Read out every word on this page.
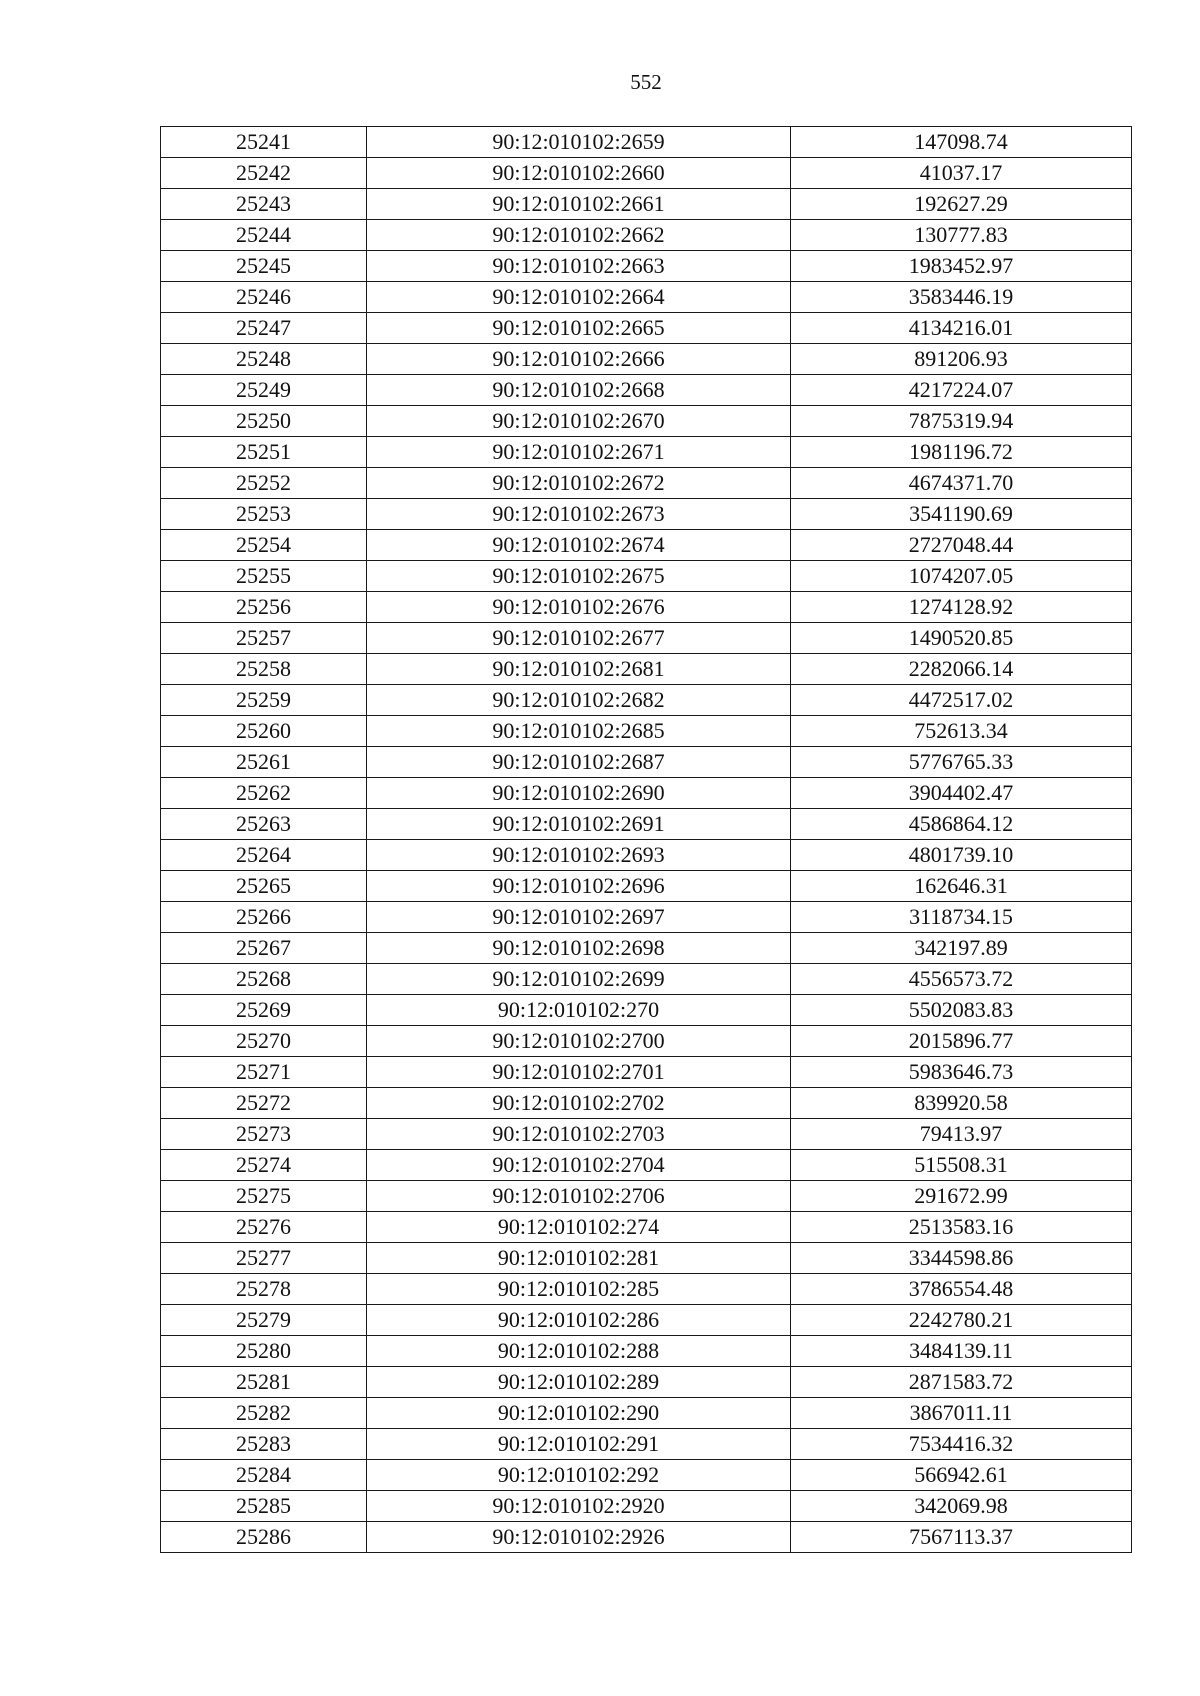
552
25241	90:12:010102:2659	147098.74
25242	90:12:010102:2660	41037.17
25243	90:12:010102:2661	192627.29
25244	90:12:010102:2662	130777.83
25245	90:12:010102:2663	1983452.97
25246	90:12:010102:2664	3583446.19
25247	90:12:010102:2665	4134216.01
25248	90:12:010102:2666	891206.93
25249	90:12:010102:2668	4217224.07
25250	90:12:010102:2670	7875319.94
25251	90:12:010102:2671	1981196.72
25252	90:12:010102:2672	4674371.70
25253	90:12:010102:2673	3541190.69
25254	90:12:010102:2674	2727048.44
25255	90:12:010102:2675	1074207.05
25256	90:12:010102:2676	1274128.92
25257	90:12:010102:2677	1490520.85
25258	90:12:010102:2681	2282066.14
25259	90:12:010102:2682	4472517.02
25260	90:12:010102:2685	752613.34
25261	90:12:010102:2687	5776765.33
25262	90:12:010102:2690	3904402.47
25263	90:12:010102:2691	4586864.12
25264	90:12:010102:2693	4801739.10
25265	90:12:010102:2696	162646.31
25266	90:12:010102:2697	3118734.15
25267	90:12:010102:2698	342197.89
25268	90:12:010102:2699	4556573.72
25269	90:12:010102:270	5502083.83
25270	90:12:010102:2700	2015896.77
25271	90:12:010102:2701	5983646.73
25272	90:12:010102:2702	839920.58
25273	90:12:010102:2703	79413.97
25274	90:12:010102:2704	515508.31
25275	90:12:010102:2706	291672.99
25276	90:12:010102:274	2513583.16
25277	90:12:010102:281	3344598.86
25278	90:12:010102:285	3786554.48
25279	90:12:010102:286	2242780.21
25280	90:12:010102:288	3484139.11
25281	90:12:010102:289	2871583.72
25282	90:12:010102:290	3867011.11
25283	90:12:010102:291	7534416.32
25284	90:12:010102:292	566942.61
25285	90:12:010102:2920	342069.98
25286	90:12:010102:2926	7567113.37
